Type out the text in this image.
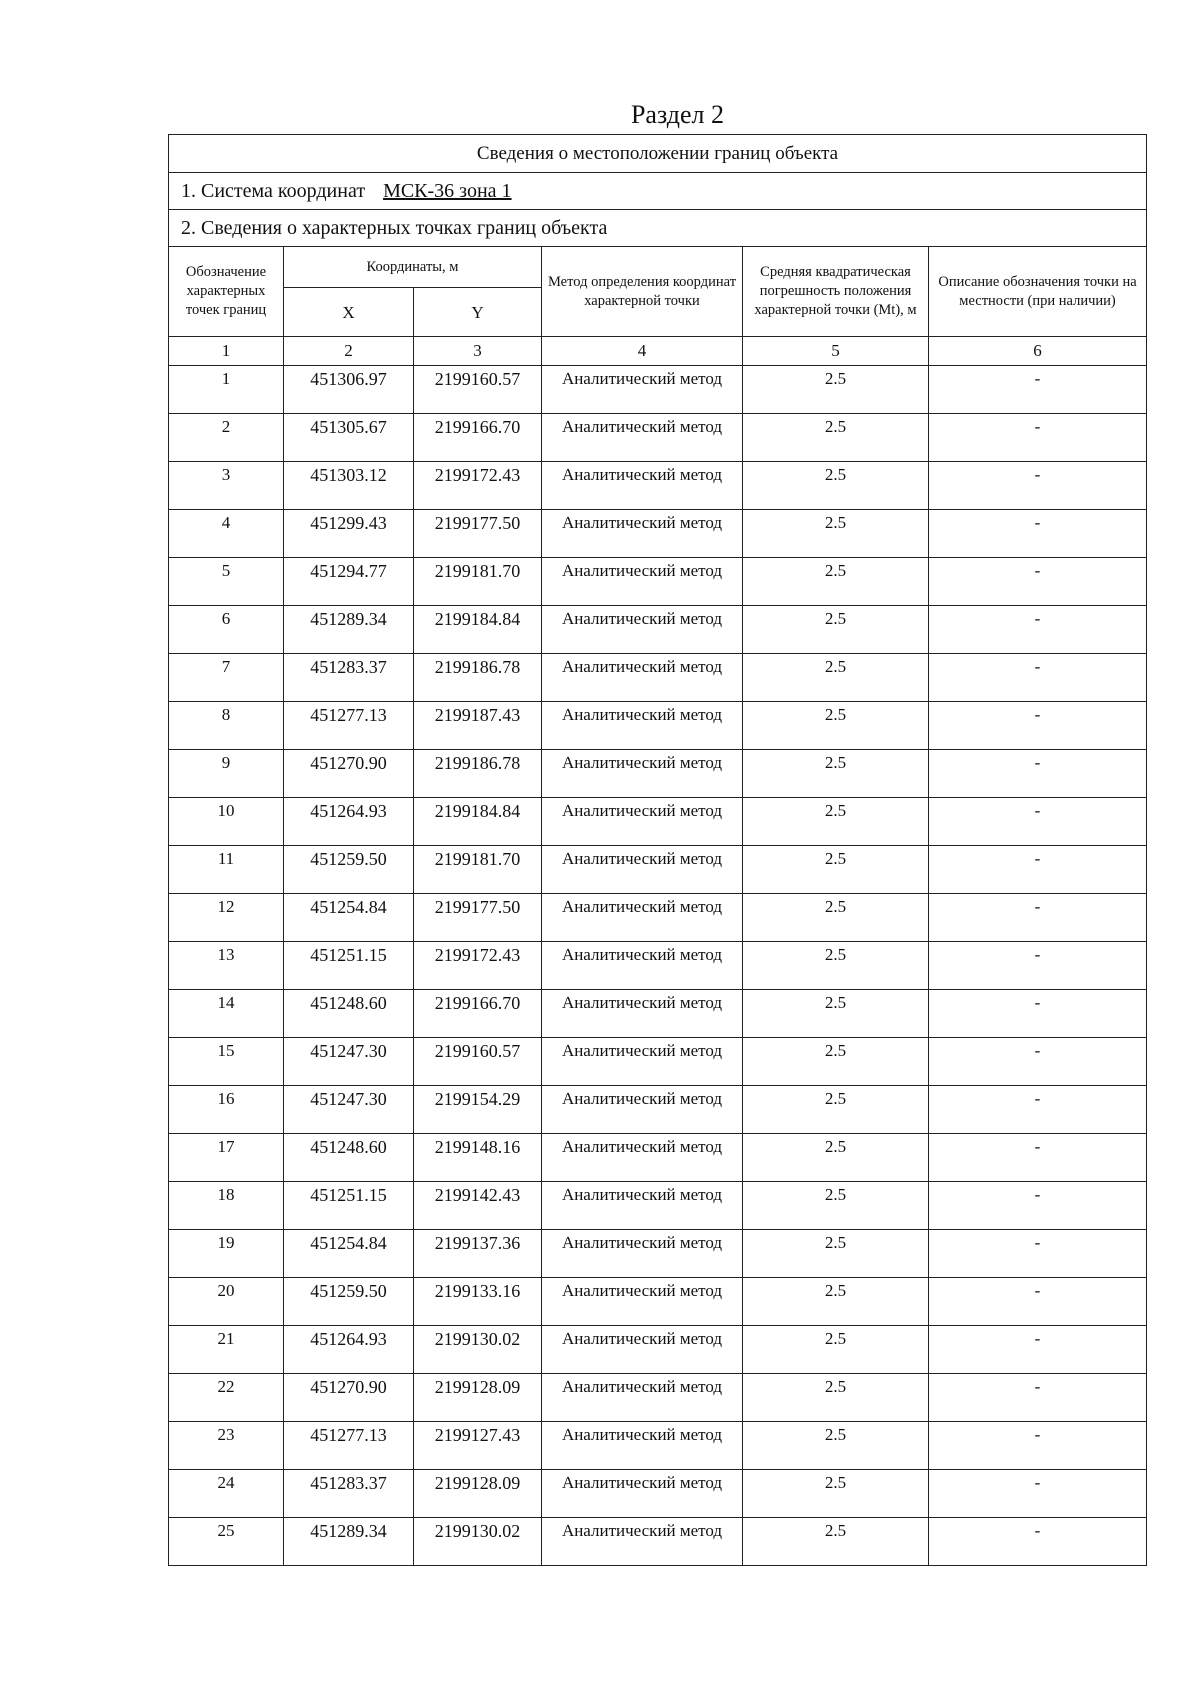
Раздел 2
Сведения о местоположении границ объекта					
1. Система координат МСК-36 зона 1					
2. Сведения о характерных точках границ объекта					
Обозначение характерных точек границ	Координаты, м		Метод определения координат характерной точки	Средняя квадратическая погрешность положения характерной точки (Mt), м	Описание обозначения точки на местности (при наличии)
	X	Y			
1	2	3	4	5	6
1	451306.97	2199160.57	Аналитический метод	2.5	-
2	451305.67	2199166.70	Аналитический метод	2.5	-
3	451303.12	2199172.43	Аналитический метод	2.5	-
4	451299.43	2199177.50	Аналитический метод	2.5	-
5	451294.77	2199181.70	Аналитический метод	2.5	-
6	451289.34	2199184.84	Аналитический метод	2.5	-
7	451283.37	2199186.78	Аналитический метод	2.5	-
8	451277.13	2199187.43	Аналитический метод	2.5	-
9	451270.90	2199186.78	Аналитический метод	2.5	-
10	451264.93	2199184.84	Аналитический метод	2.5	-
11	451259.50	2199181.70	Аналитический метод	2.5	-
12	451254.84	2199177.50	Аналитический метод	2.5	-
13	451251.15	2199172.43	Аналитический метод	2.5	-
14	451248.60	2199166.70	Аналитический метод	2.5	-
15	451247.30	2199160.57	Аналитический метод	2.5	-
16	451247.30	2199154.29	Аналитический метод	2.5	-
17	451248.60	2199148.16	Аналитический метод	2.5	-
18	451251.15	2199142.43	Аналитический метод	2.5	-
19	451254.84	2199137.36	Аналитический метод	2.5	-
20	451259.50	2199133.16	Аналитический метод	2.5	-
21	451264.93	2199130.02	Аналитический метод	2.5	-
22	451270.90	2199128.09	Аналитический метод	2.5	-
23	451277.13	2199127.43	Аналитический метод	2.5	-
24	451283.37	2199128.09	Аналитический метод	2.5	-
25	451289.34	2199130.02	Аналитический метод	2.5	-
